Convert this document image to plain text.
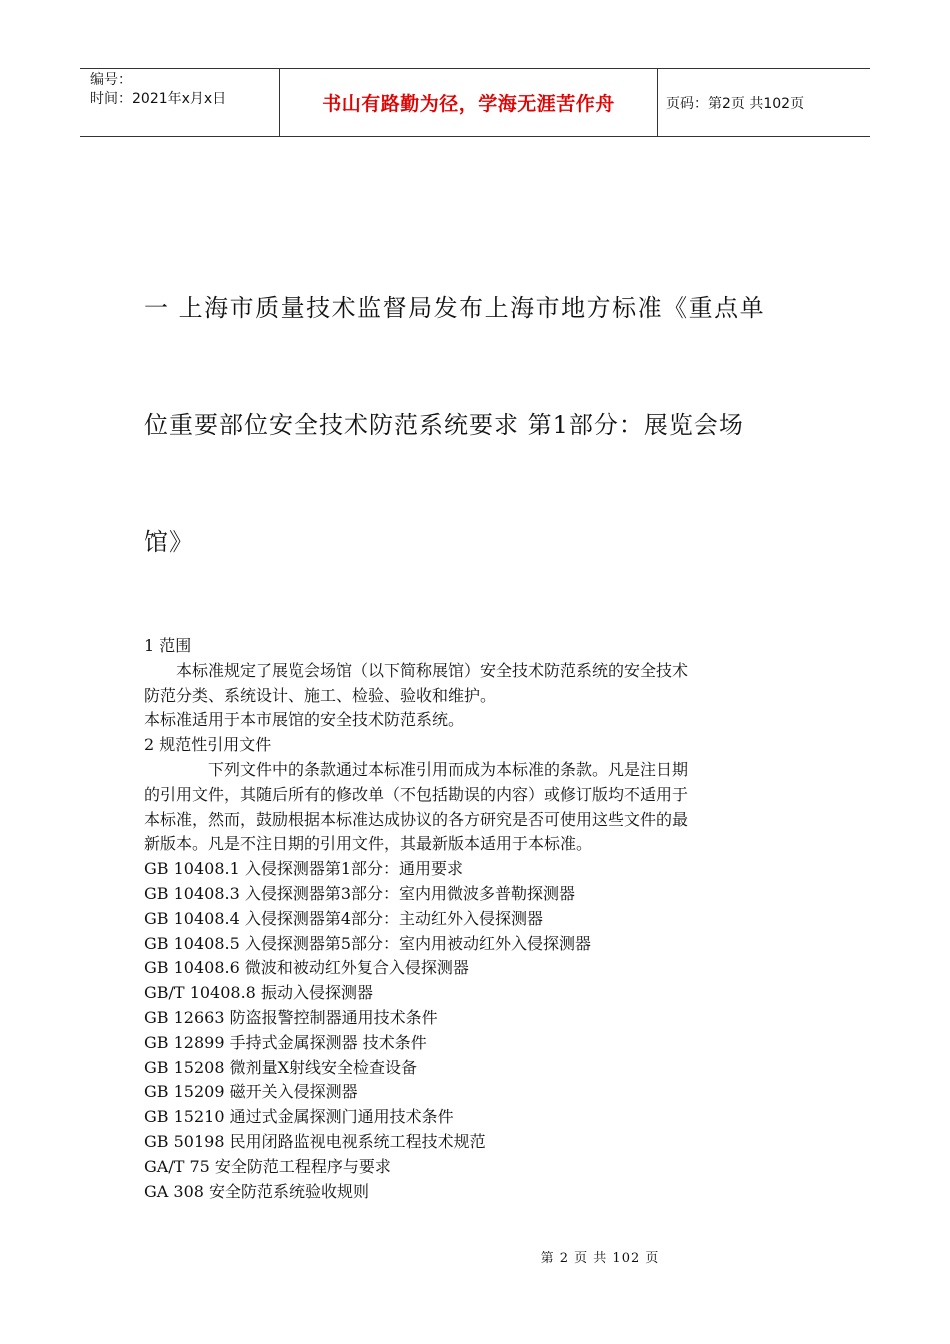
编号：
时间：2021年x月x日	书山有路勤为径，学海无涯苦作舟	页码：第2页 共102页
一 上海市质量技术监督局发布上海市地方标准《重点单
位重要部位安全技术防范系统要求 第1部分：展览会场
馆》

1 范围

本标准规定了展览会场馆（以下简称展馆）安全技术防范系统的安全技术

防范分类、系统设计、施工、检验、验收和维护。

本标准适用于本市展馆的安全技术防范系统。

2 规范性引用文件

下列文件中的条款通过本标准引用而成为本标准的条款。凡是注日期

的引用文件，其随后所有的修改单（不包括勘误的内容）或修订版均不适用于

本标准，然而，鼓励根据本标准达成协议的各方研究是否可使用这些文件的最

新版本。凡是不注日期的引用文件，其最新版本适用于本标准。

GB 10408.1 入侵探测器第1部分：通用要求

GB 10408.3 入侵探测器第3部分：室内用微波多普勒探测器

GB 10408.4 入侵探测器第4部分：主动红外入侵探测器

GB 10408.5 入侵探测器第5部分：室内用被动红外入侵探测器

GB 10408.6 微波和被动红外复合入侵探测器

GB/T 10408.8 振动入侵探测器

GB 12663 防盗报警控制器通用技术条件

GB 12899 手持式金属探测器 技术条件

GB 15208 微剂量X射线安全检查设备

GB 15209 磁开关入侵探测器

GB 15210 通过式金属探测门通用技术条件

GB 50198 民用闭路监视电视系统工程技术规范

GA/T 75 安全防范工程程序与要求

GA 308 安全防范系统验收规则

第 2 页 共 102 页
